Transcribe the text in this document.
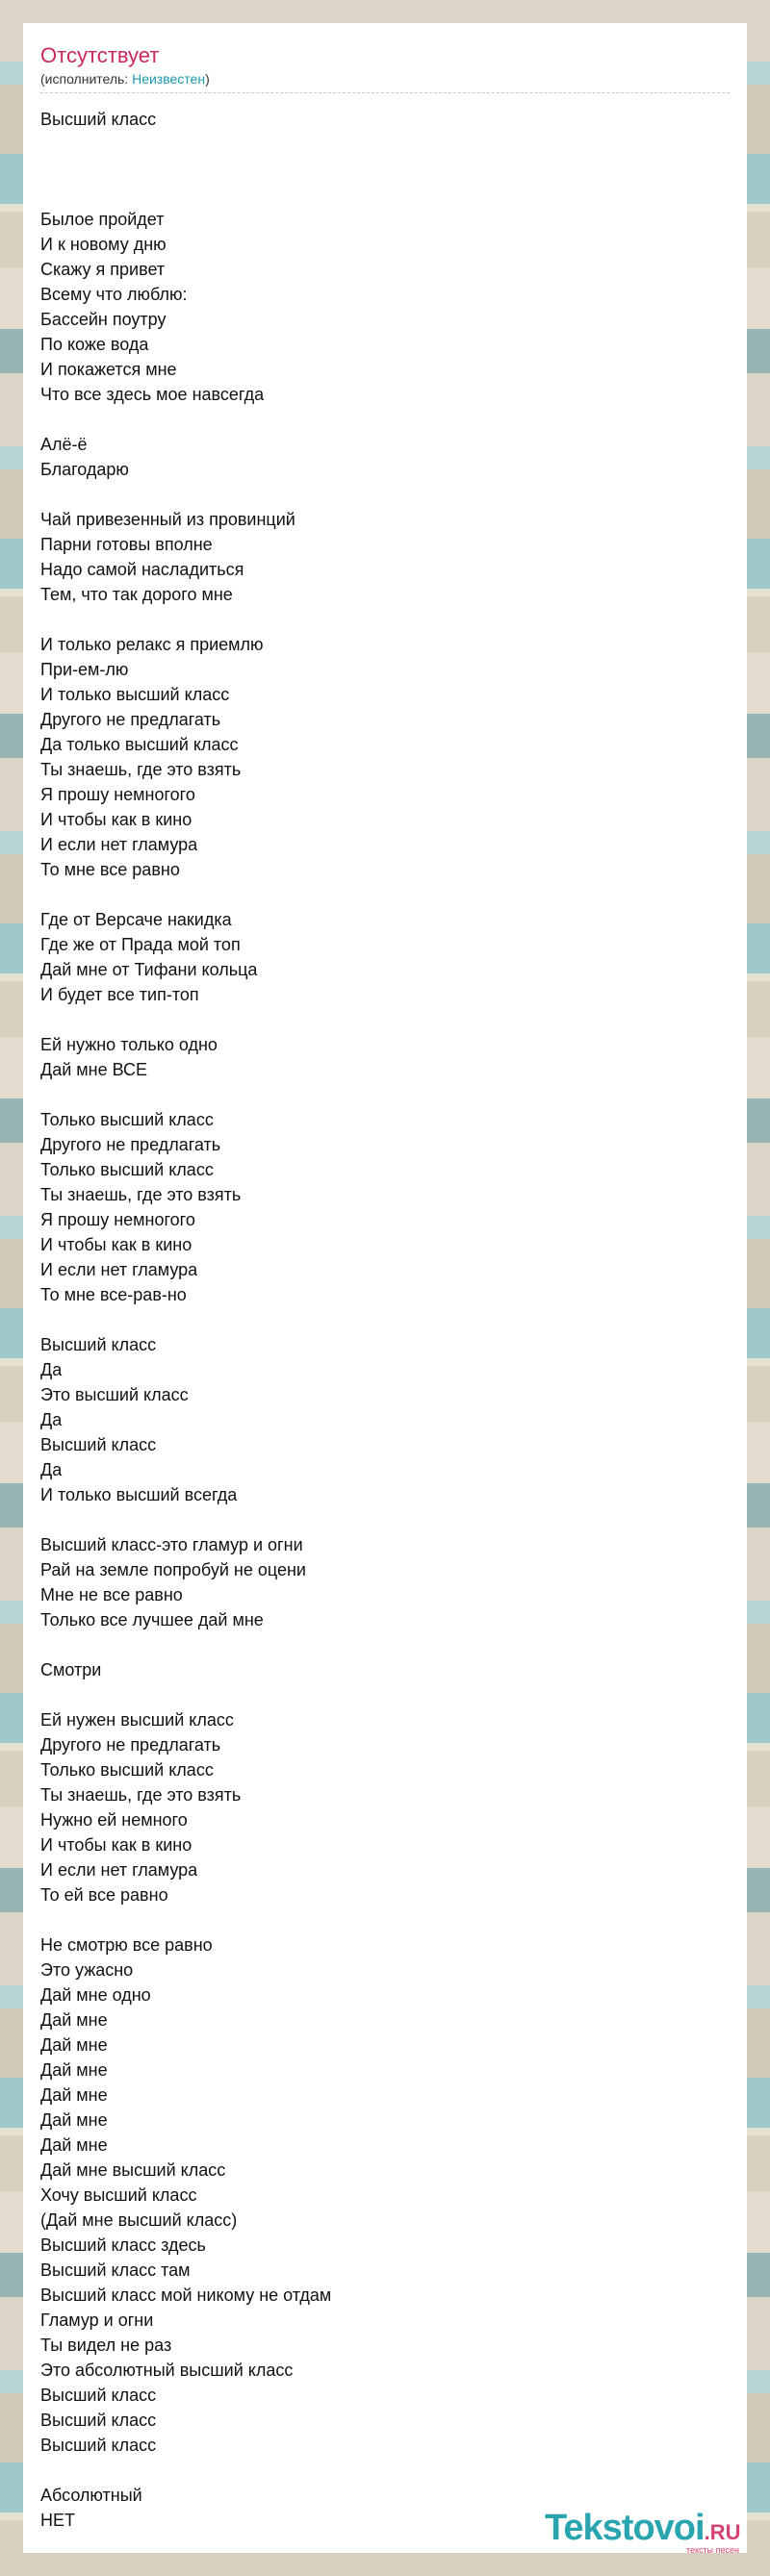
Отсутствует
(исполнитель: Неизвестен)
Высший класс
Былое пройдет
И к новому дню
Скажу я привет
Всему что люблю:
Бассейн поутру
По коже вода
И покажется мне
Что все здесь мое навсегда
Алё-ё
Благодарю
Чай привезенный из провинций
Парни готовы вполне
Надо самой насладиться
Тем, что так дорого мне
И только релакс я приемлю
При-ем-лю
И только высший класс
Другого не предлагать
Да только высший класс
Ты знаешь, где это взять
Я прошу немногого
И чтобы как в кино
И если нет гламура
То мне все равно
Где от Версаче накидка
Где же от Прада мой топ
Дай мне от Тифани кольца
И будет все тип-топ
Ей нужно только одно
Дай мне ВСЕ
Только высший класс
Другого не предлагать
Только высший класс
Ты знаешь, где это взять
Я прошу немногого
И чтобы как в кино
И если нет гламура
То мне все-рав-но
Высший класс
Да
Это высший класс
Да
Высший класс
Да
И только высший всегда
Высший класс-это гламур и огни
Рай на земле попробуй не оцени
Мне не все равно
Только все лучшее дай мне
Смотри
Ей нужен высший класс
Другого не предлагать
Только высший класс
Ты знаешь, где это взять
Нужно ей немного
И чтобы как в кино
И если нет гламура
То ей все равно
Не смотрю все равно
Это ужасно
Дай мне одно
Дай мне
Дай мне
Дай мне
Дай мне
Дай мне
Дай мне
Дай мне высший класс
Хочу высший класс
(Дай мне высший класс)
Высший класс здесь
Высший класс там
Высший класс мой никому не отдам
Гламур и огни
Ты видел не раз
Это абсолютный высший класс
Высший класс
Высший класс
Высший класс
Абсолютный
НЕТ	Tekstovoi.RU
тексты песен
